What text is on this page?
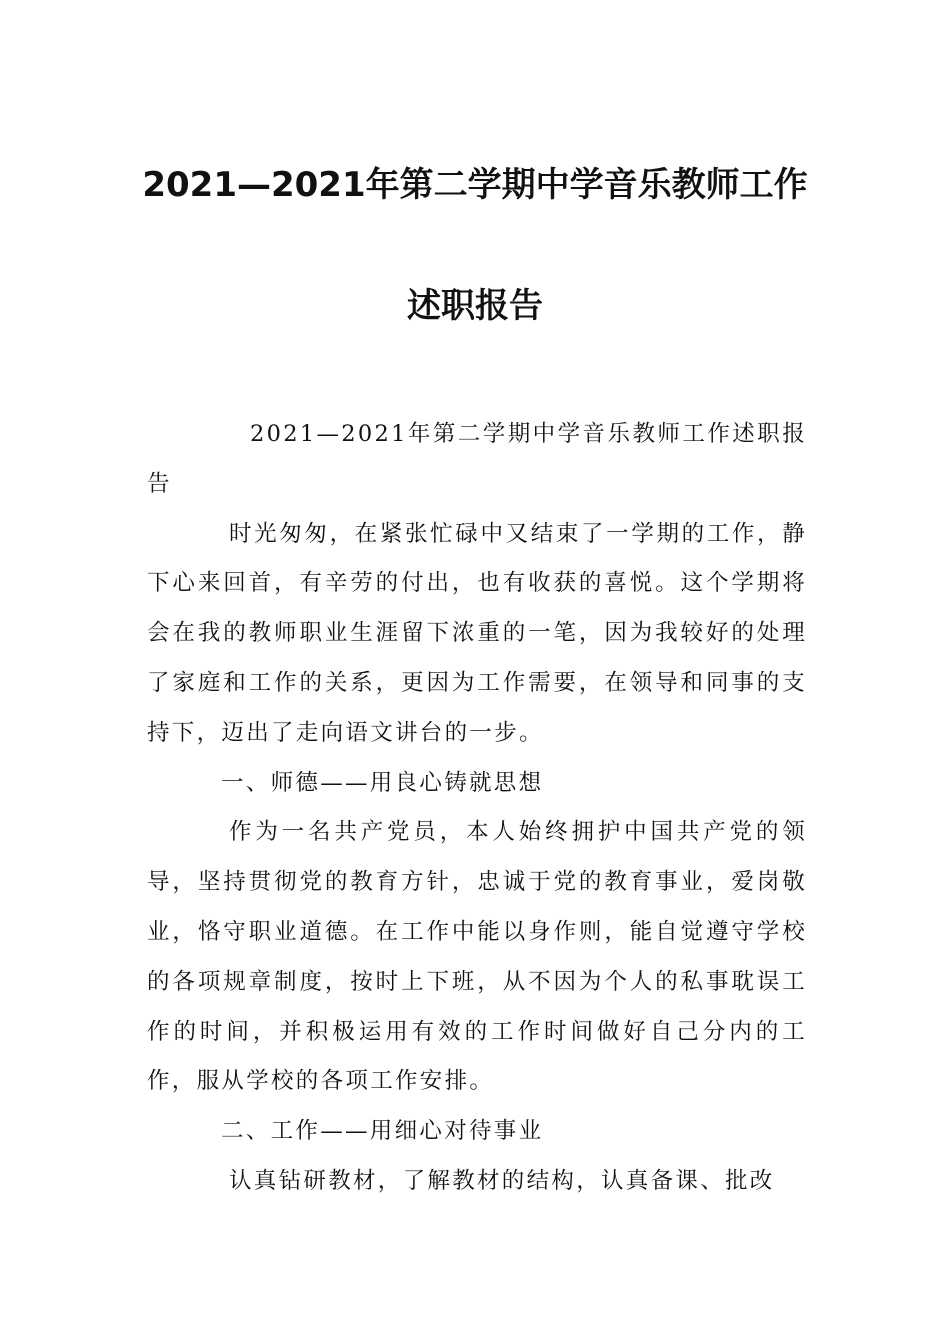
2021—2021年第二学期中学音乐教师工作
述职报告

2021—2021年第二学期中学音乐教师工作述职报告

时光匆匆，在紧张忙碌中又结束了一学期的工作，静下心来回首，有辛劳的付出，也有收获的喜悦。这个学期将会在我的教师职业生涯留下浓重的一笔，因为我较好的处理了家庭和工作的关系，更因为工作需要，在领导和同事的支持下，迈出了走向语文讲台的一步。

一、师德——用良心铸就思想

作为一名共产党员，本人始终拥护中国共产党的领导，坚持贯彻党的教育方针，忠诚于党的教育事业，爱岗敬业，恪守职业道德。在工作中能以身作则，能自觉遵守学校的各项规章制度，按时上下班，从不因为个人的私事耽误工作的时间，并积极运用有效的工作时间做好自己分内的工作，服从学校的各项工作安排。

二、工作——用细心对待事业

认真钻研教材，了解教材的结构，认真备课、批改
